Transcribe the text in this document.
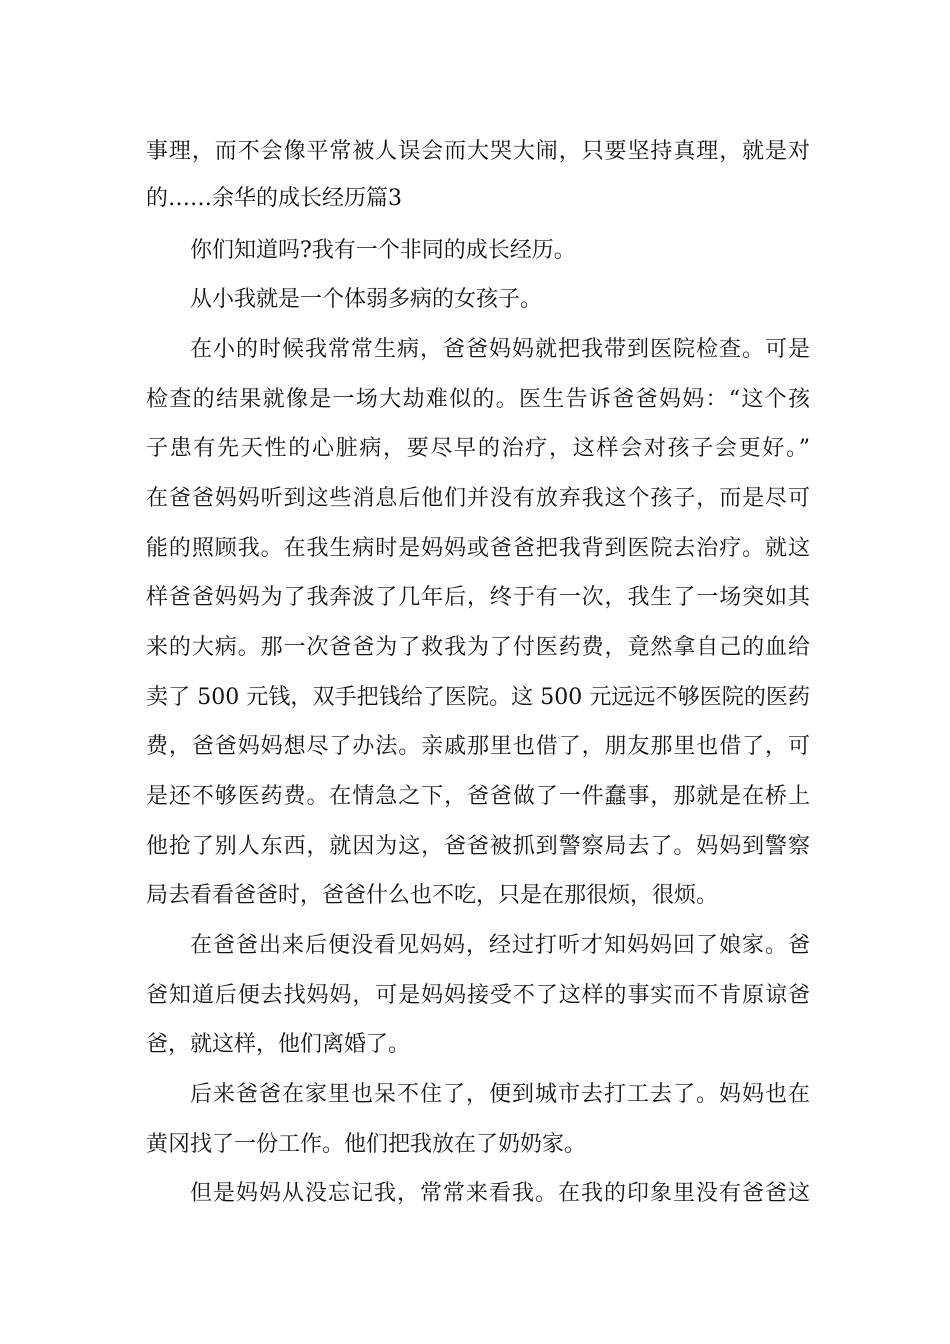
事理，而不会像平常被人误会而大哭大闹，只要坚持真理，就是对
的……余华的成长经历篇3
你们知道吗?我有一个非同的成长经历。
从小我就是一个体弱多病的女孩子。
在小的时候我常常生病，爸爸妈妈就把我带到医院检查。可是
检查的结果就像是一场大劫难似的。医生告诉爸爸妈妈：“这个孩
子患有先天性的心脏病，要尽早的治疗，这样会对孩子会更好。”
在爸爸妈妈听到这些消息后他们并没有放弃我这个孩子，而是尽可
能的照顾我。在我生病时是妈妈或爸爸把我背到医院去治疗。就这
样爸爸妈妈为了我奔波了几年后，终于有一次，我生了一场突如其
来的大病。那一次爸爸为了救我为了付医药费，竟然拿自己的血给
卖了 500 元钱，双手把钱给了医院。这 500 元远远不够医院的医药
费，爸爸妈妈想尽了办法。亲戚那里也借了，朋友那里也借了，可
是还不够医药费。在情急之下，爸爸做了一件蠢事，那就是在桥上
他抢了别人东西，就因为这，爸爸被抓到警察局去了。妈妈到警察
局去看看爸爸时，爸爸什么也不吃，只是在那很烦，很烦。
在爸爸出来后便没看见妈妈，经过打听才知妈妈回了娘家。爸
爸知道后便去找妈妈，可是妈妈接受不了这样的事实而不肯原谅爸
爸，就这样，他们离婚了。
后来爸爸在家里也呆不住了，便到城市去打工去了。妈妈也在
黄冈找了一份工作。他们把我放在了奶奶家。
但是妈妈从没忘记我，常常来看我。在我的印象里没有爸爸这
